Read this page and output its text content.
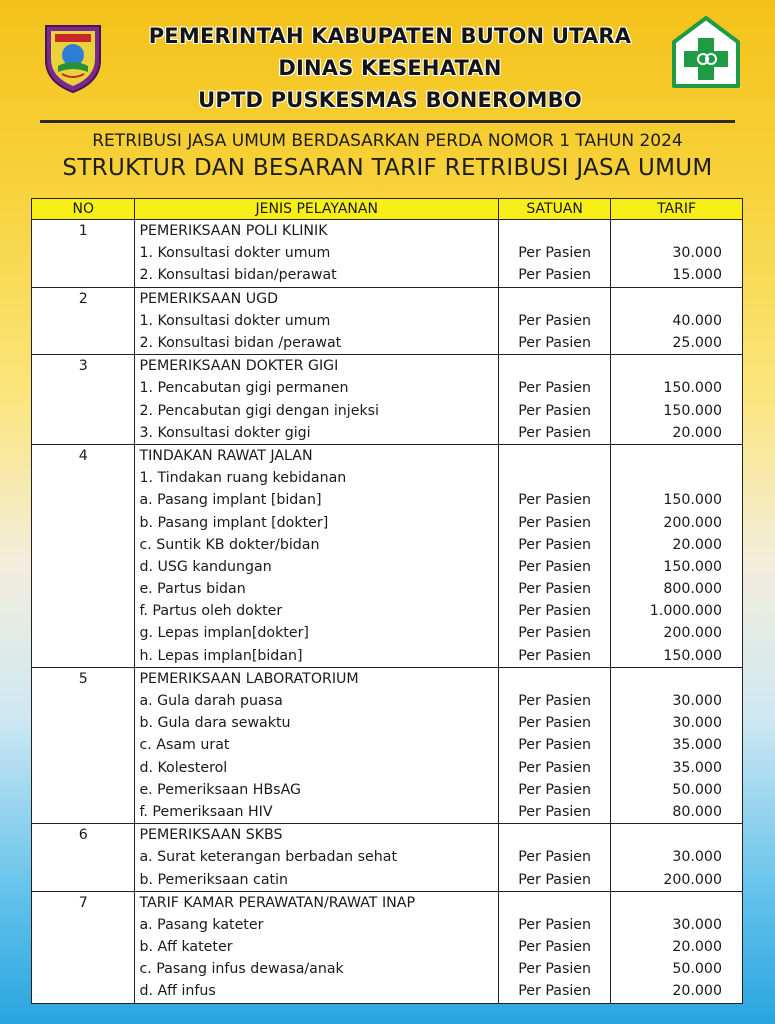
PEMERINTAH KABUPATEN BUTON UTARA
DINAS KESEHATAN
UPTD PUSKESMAS BONEROMBO
RETRIBUSI JASA UMUM BERDASARKAN PERDA NOMOR 1 TAHUN 2024
STRUKTUR DAN BESARAN TARIF RETRIBUSI JASA UMUM
NO	JENIS PELAYANAN	SATUAN	TARIF
1	PEMERIKSAAN POLI KLINIK		
	1. Konsultasi dokter umum	Per Pasien	30.000
	2. Konsultasi bidan/perawat	Per Pasien	15.000
2	PEMERIKSAAN UGD		
	1. Konsultasi dokter umum	Per Pasien	40.000
	2. Konsultasi bidan /perawat	Per Pasien	25.000
3	PEMERIKSAAN DOKTER GIGI		
	1. Pencabutan gigi permanen	Per Pasien	150.000
	2. Pencabutan gigi dengan injeksi	Per Pasien	150.000
	3. Konsultasi dokter gigi	Per Pasien	20.000
4	TINDAKAN RAWAT JALAN		
	1. Tindakan ruang kebidanan		
	a. Pasang implant [bidan]	Per Pasien	150.000
	b. Pasang implant [dokter]	Per Pasien	200.000
	c. Suntik KB dokter/bidan	Per Pasien	20.000
	d. USG kandungan	Per Pasien	150.000
	e. Partus bidan	Per Pasien	800.000
	f. Partus oleh dokter	Per Pasien	1.000.000
	g. Lepas implan[dokter]	Per Pasien	200.000
	h. Lepas implan[bidan]	Per Pasien	150.000
5	PEMERIKSAAN LABORATORIUM		
	a. Gula darah puasa	Per Pasien	30.000
	b. Gula dara sewaktu	Per Pasien	30.000
	c. Asam urat	Per Pasien	35.000
	d. Kolesterol	Per Pasien	35.000
	e. Pemeriksaan HBsAG	Per Pasien	50.000
	f. Pemeriksaan HIV	Per Pasien	80.000
6	PEMERIKSAAN SKBS		
	a. Surat keterangan berbadan sehat	Per Pasien	30.000
	b. Pemeriksaan catin	Per Pasien	200.000
7	TARIF KAMAR PERAWATAN/RAWAT INAP		
	a. Pasang kateter	Per Pasien	30.000
	b. Aff kateter	Per Pasien	20.000
	c. Pasang infus dewasa/anak	Per Pasien	50.000
	d. Aff infus	Per Pasien	20.000
